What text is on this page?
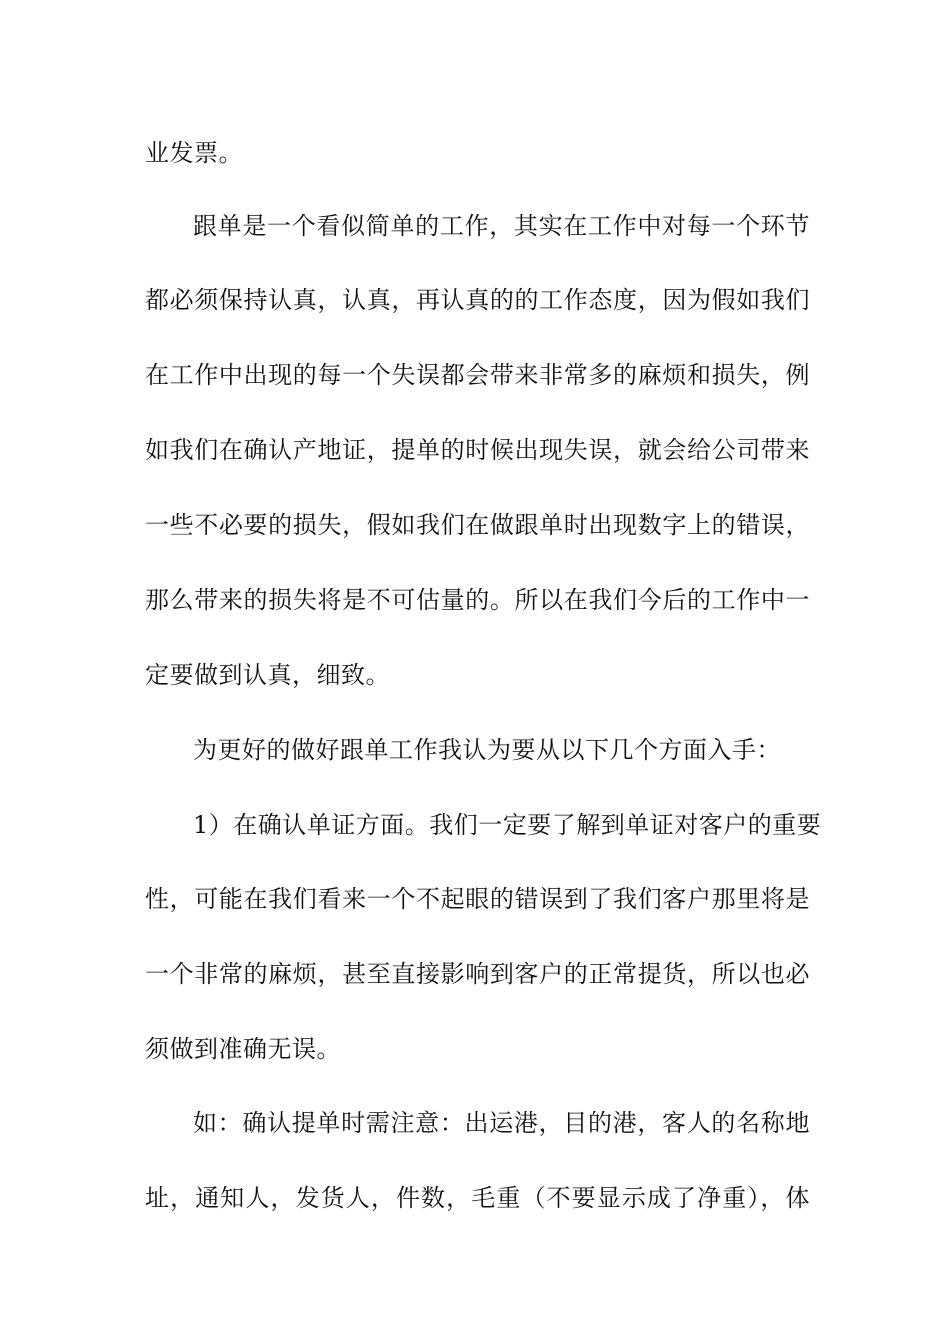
业发票。
跟单是一个看似简单的工作，其实在工作中对每一个环节
都必须保持认真，认真，再认真的的工作态度，因为假如我们
在工作中出现的每一个失误都会带来非常多的麻烦和损失，例
如我们在确认产地证，提单的时候出现失误，就会给公司带来
一些不必要的损失，假如我们在做跟单时出现数字上的错误，
那么带来的损失将是不可估量的。所以在我们今后的工作中一
定要做到认真，细致。
为更好的做好跟单工作我认为要从以下几个方面入手：
1）在确认单证方面。我们一定要了解到单证对客户的重要
性，可能在我们看来一个不起眼的错误到了我们客户那里将是
一个非常的麻烦，甚至直接影响到客户的正常提货，所以也必
须做到准确无误。
如：确认提单时需注意：出运港，目的港，客人的名称地
址，通知人，发货人，件数，毛重（不要显示成了净重），体
